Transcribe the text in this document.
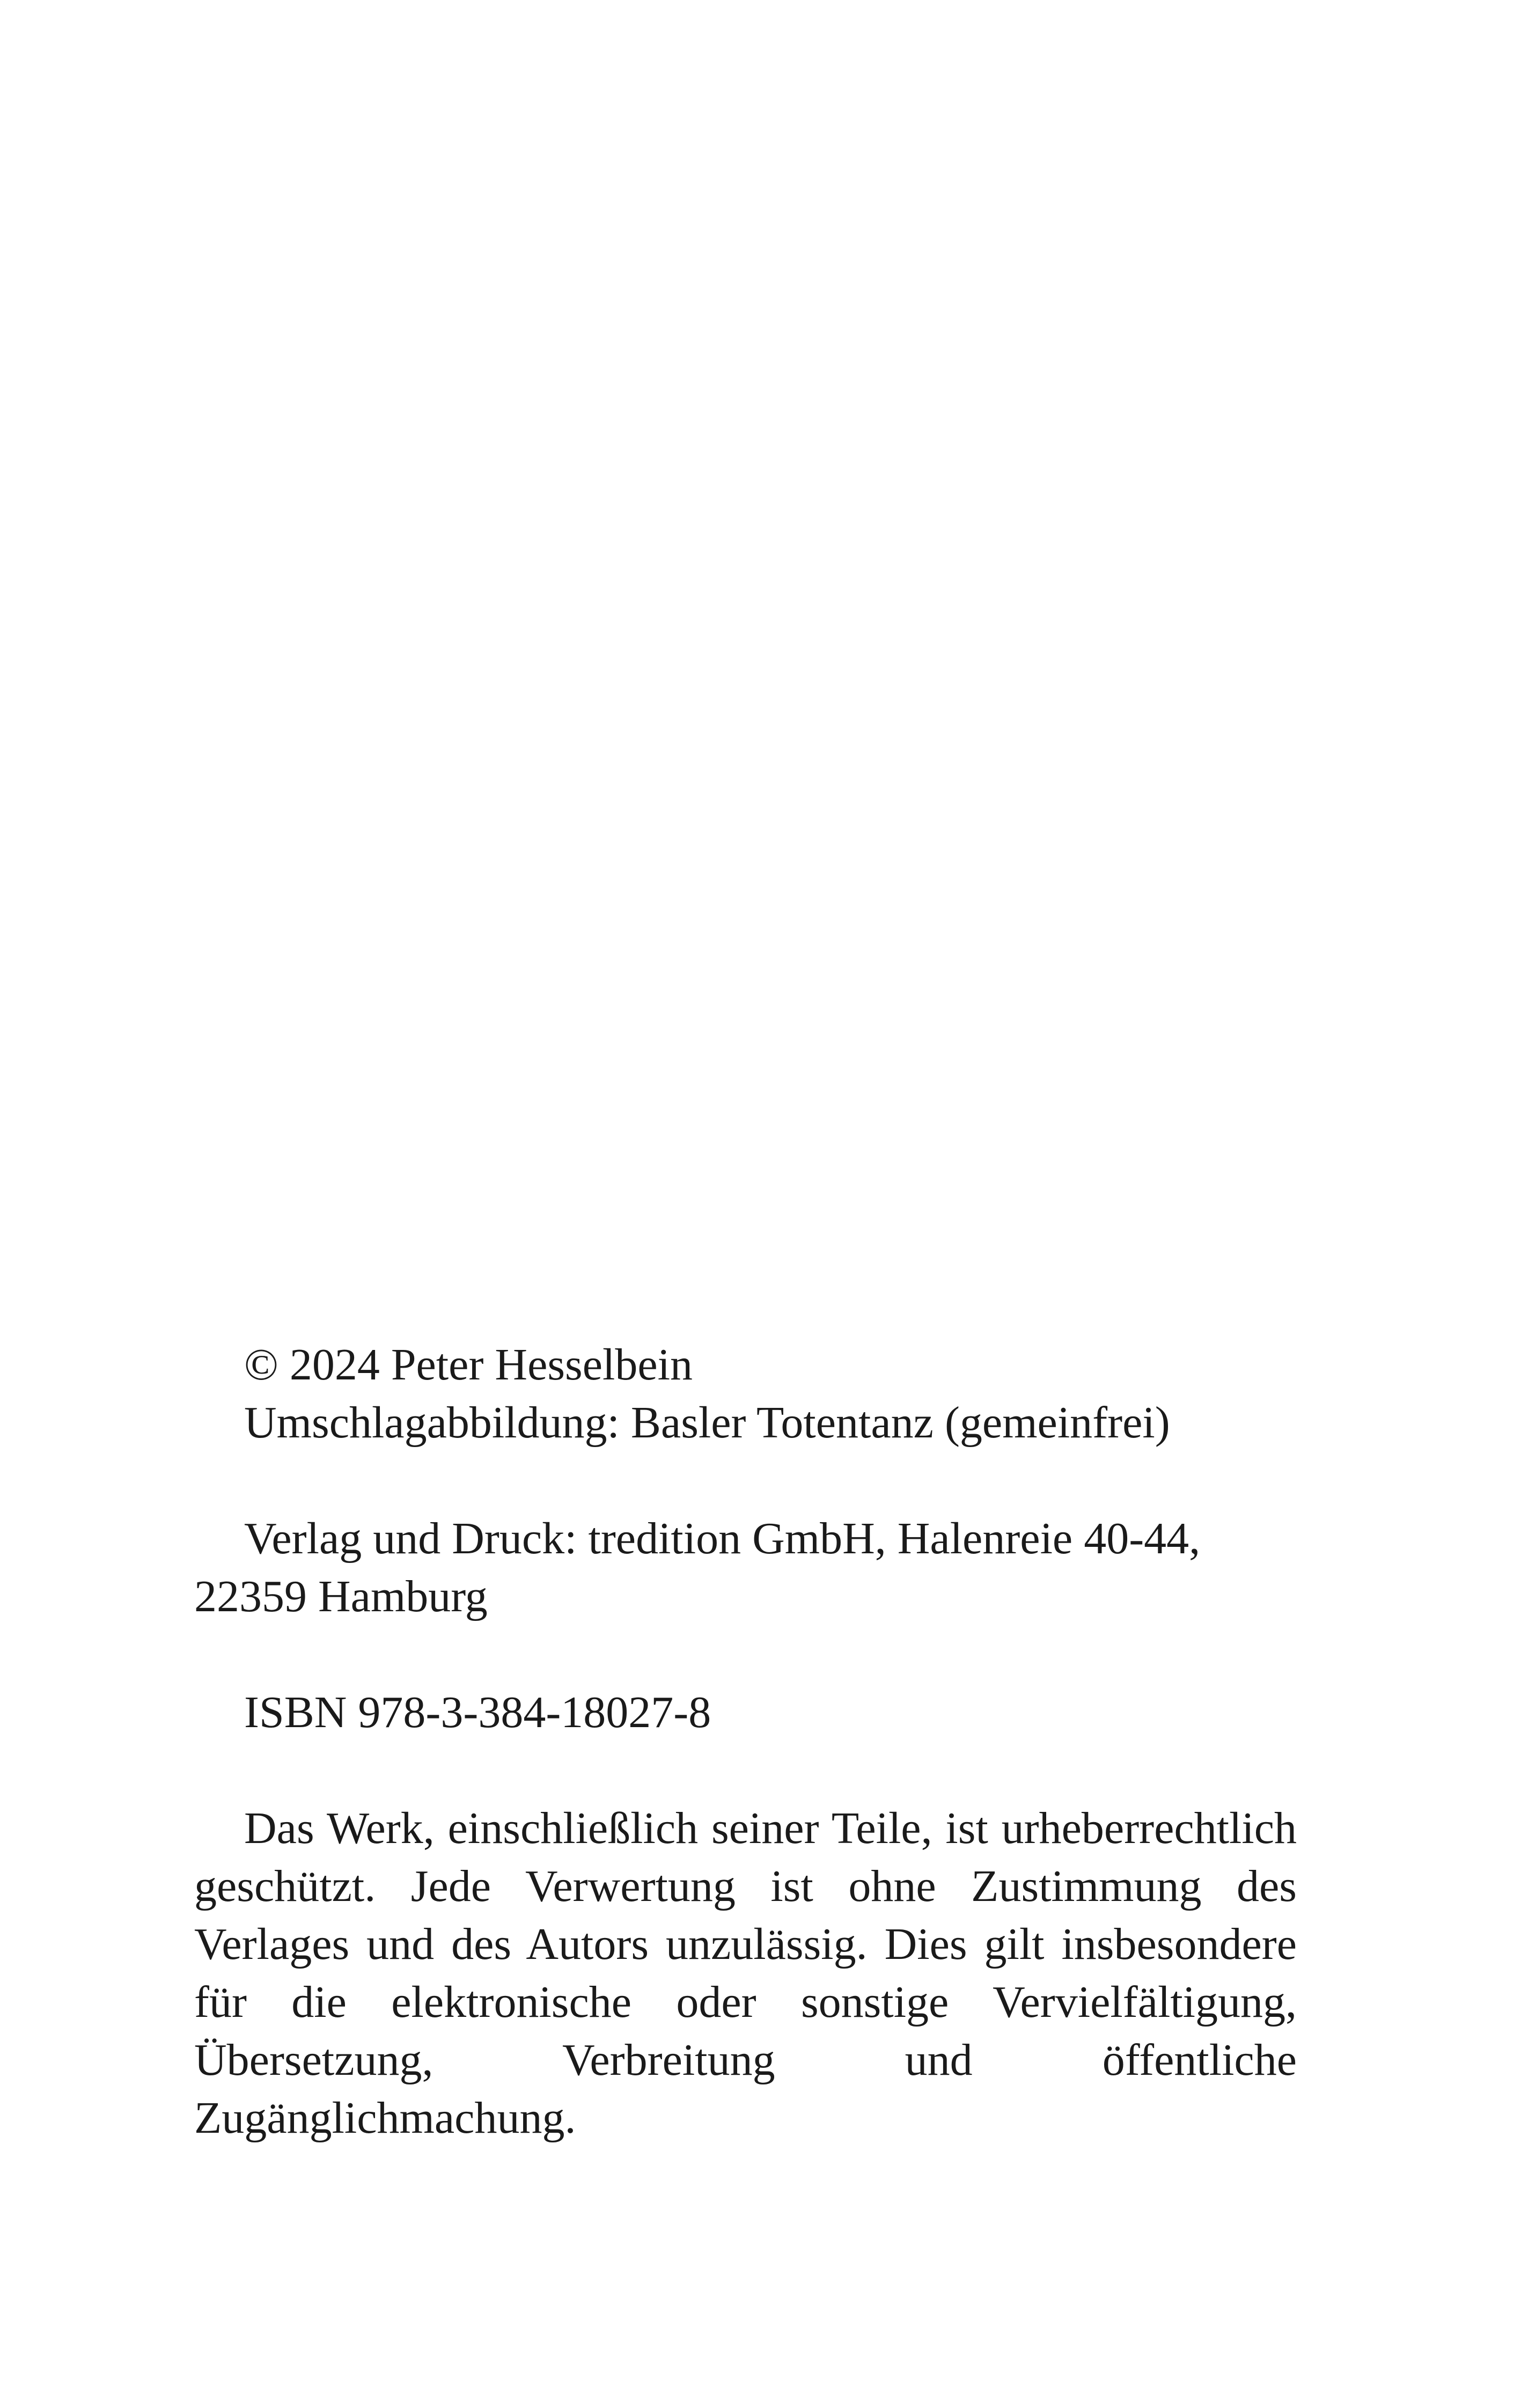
© 2024 Peter Hesselbein
Umschlagabbildung: Basler Totentanz (gemeinfrei)

Verlag und Druck: tredition GmbH, Halenreie 40-44,
22359 Hamburg

ISBN 978-3-384-18027-8

Das Werk, einschließlich seiner Teile, ist urheberrechtlich geschützt. Jede Verwertung ist ohne Zustimmung des Verlages und des Autors unzulässig. Dies gilt insbesondere für die elektronische oder sonstige Vervielfältigung, Übersetzung, Verbreitung und öffentliche Zugänglichmachung.
